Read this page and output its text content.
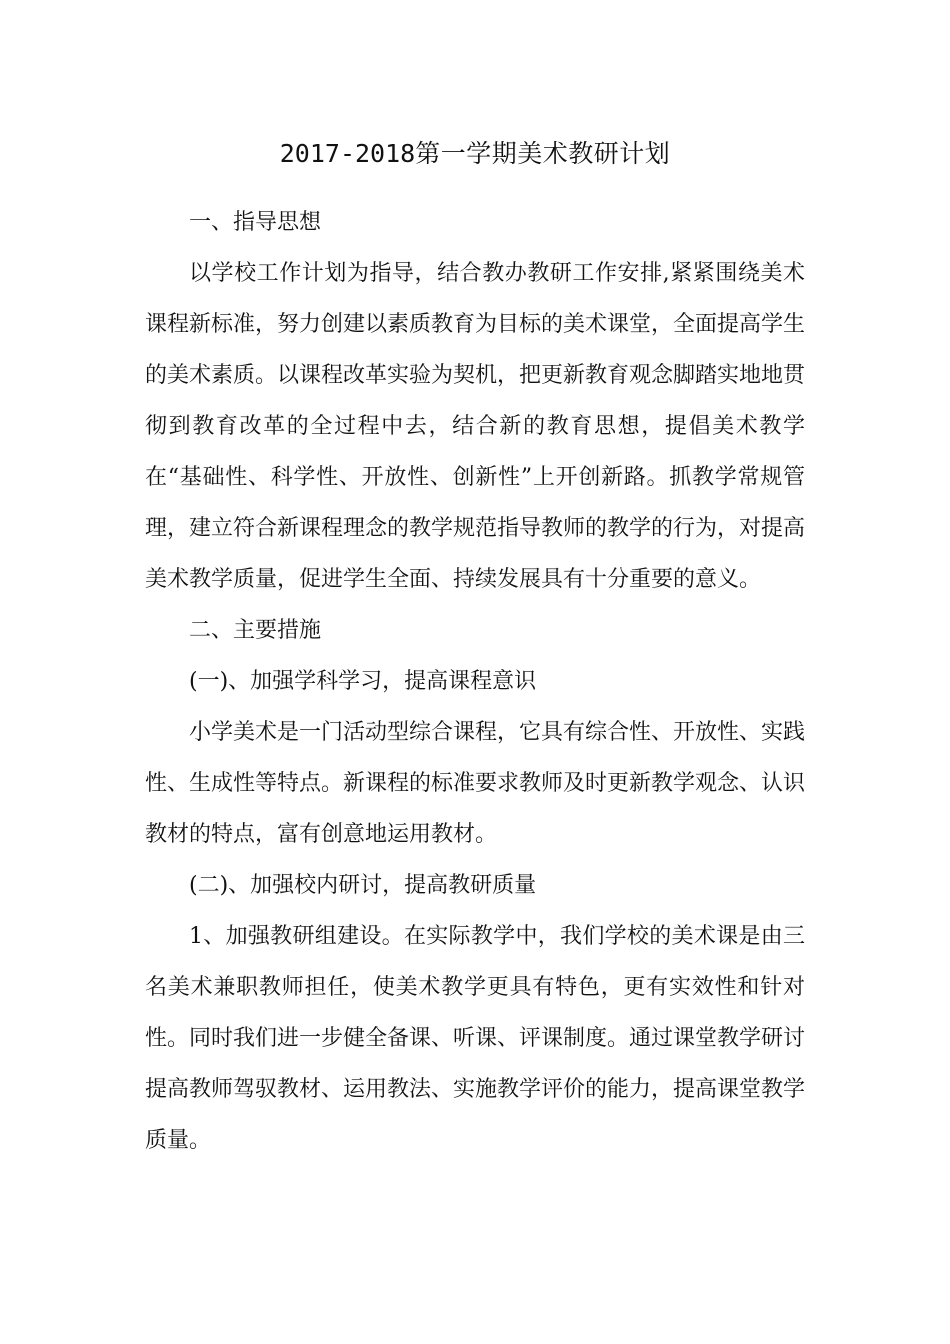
2017-2018第一学期美术教研计划

一、指导思想

以学校工作计划为指导，结合教办教研工作安排,紧紧围绕美术课程新标准，努力创建以素质教育为目标的美术课堂，全面提高学生的美术素质。以课程改革实验为契机，把更新教育观念脚踏实地地贯彻到教育改革的全过程中去，结合新的教育思想，提倡美术教学在“基础性、科学性、开放性、创新性”上开创新路。抓教学常规管理，建立符合新课程理念的教学规范指导教师的教学的行为，对提高美术教学质量，促进学生全面、持续发展具有十分重要的意义。

二、主要措施

(一)、加强学科学习，提高课程意识

小学美术是一门活动型综合课程，它具有综合性、开放性、实践性、生成性等特点。新课程的标准要求教师及时更新教学观念、认识教材的特点，富有创意地运用教材。

(二)、加强校内研讨，提高教研质量

1、加强教研组建设。在实际教学中，我们学校的美术课是由三名美术兼职教师担任，使美术教学更具有特色，更有实效性和针对性。同时我们进一步健全备课、听课、评课制度。通过课堂教学研讨提高教师驾驭教材、运用教法、实施教学评价的能力，提高课堂教学质量。
